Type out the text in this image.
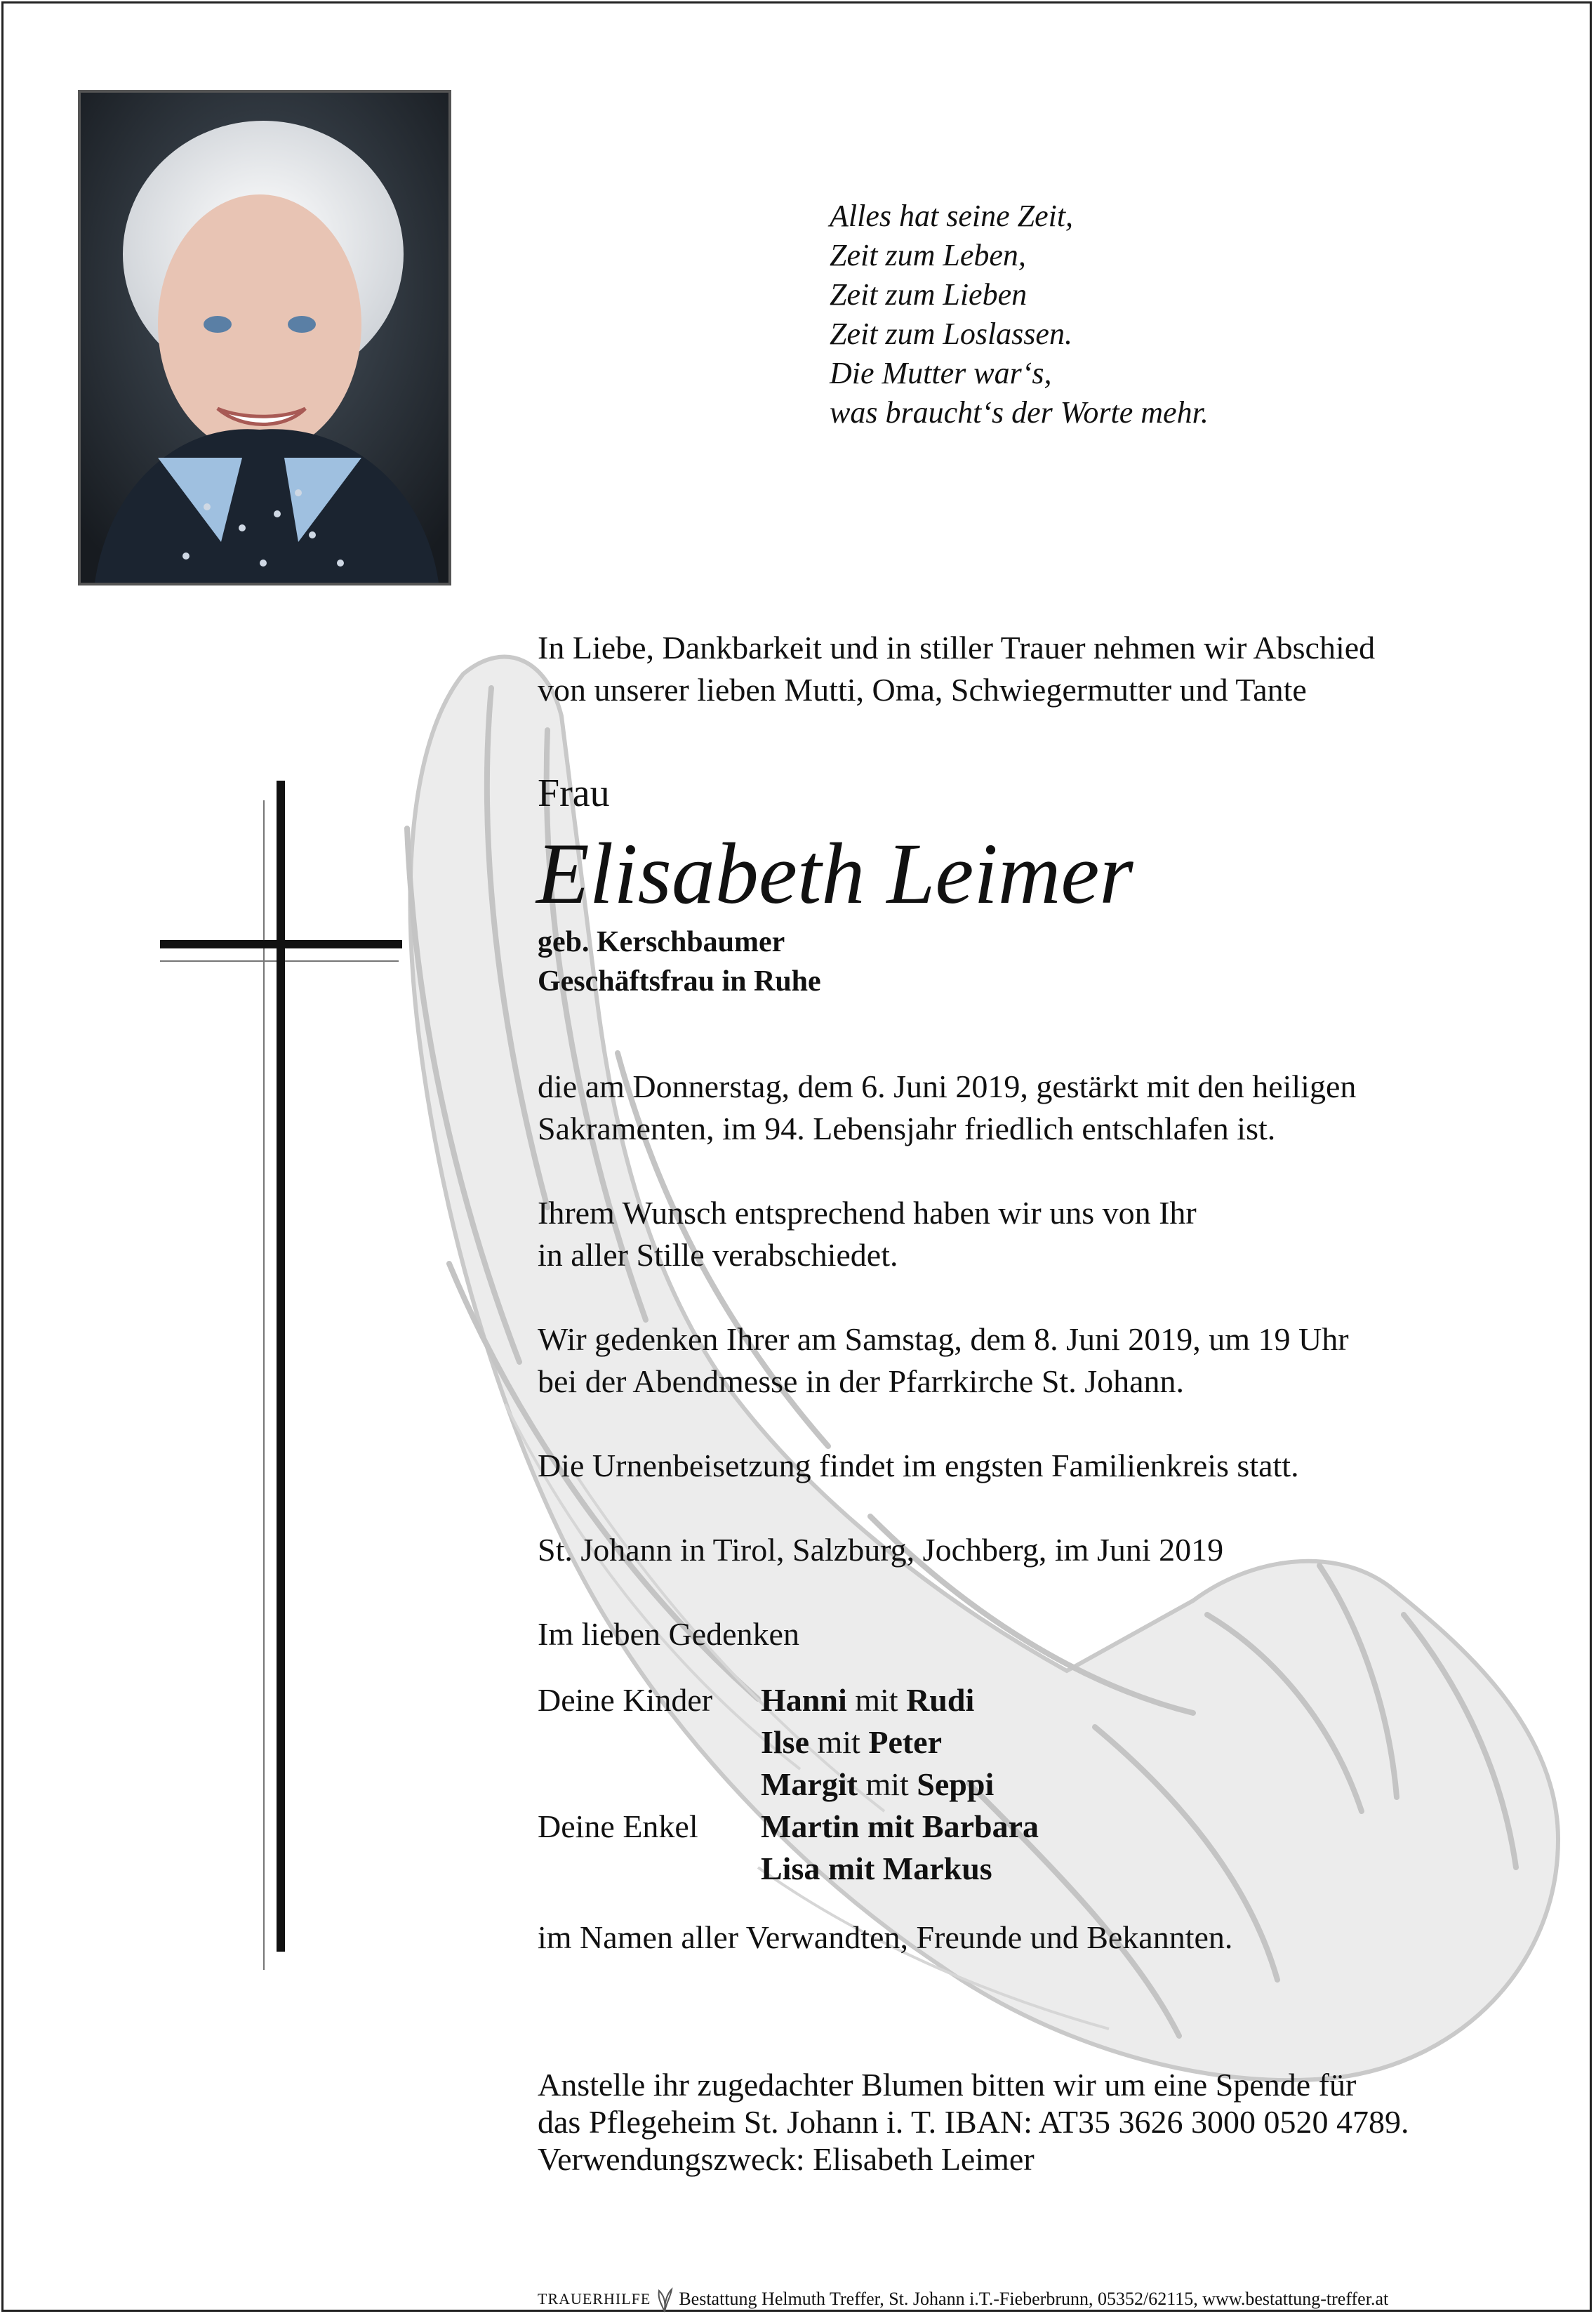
Alles hat seine Zeit,
Zeit zum Leben,
Zeit zum Lieben
Zeit zum Loslassen.
Die Mutter war‘s,
was braucht‘s der Worte mehr.
In Liebe, Dankbarkeit und in stiller Trauer nehmen wir Abschied
von unserer lieben Mutti, Oma, Schwiegermutter und Tante
Frau
Elisabeth Leimer
geb. Kerschbaumer
Geschäftsfrau in Ruhe
die am Donnerstag, dem 6. Juni 2019, gestärkt mit den heiligen
Sakramenten, im 94. Lebensjahr friedlich entschlafen ist.
Ihrem Wunsch entsprechend haben wir uns von Ihr
in aller Stille verabschiedet.
Wir gedenken Ihrer am Samstag, dem 8. Juni 2019, um 19 Uhr
bei der Abendmesse in der Pfarrkirche St. Johann.
Die Urnenbeisetzung findet im engsten Familienkreis statt.
St. Johann in Tirol, Salzburg, Jochberg, im Juni 2019
Im lieben Gedenken
Deine Kinder	Hanni mit Rudi
Ilse mit Peter
Margit mit Seppi
Deine Enkel	Martin mit Barbara
Lisa mit Markus
im Namen aller Verwandten, Freunde und Bekannten.
Anstelle ihr zugedachter Blumen bitten wir um eine Spende für
das Pflegeheim St. Johann i. T. IBAN: AT35 3626 3000 0520 4789.
Verwendungszweck: Elisabeth Leimer
TRAUERHILFE Bestattung Helmuth Treffer, St. Johann i.T.-Fieberbrunn, 05352/62115, www.bestattung-treffer.at
